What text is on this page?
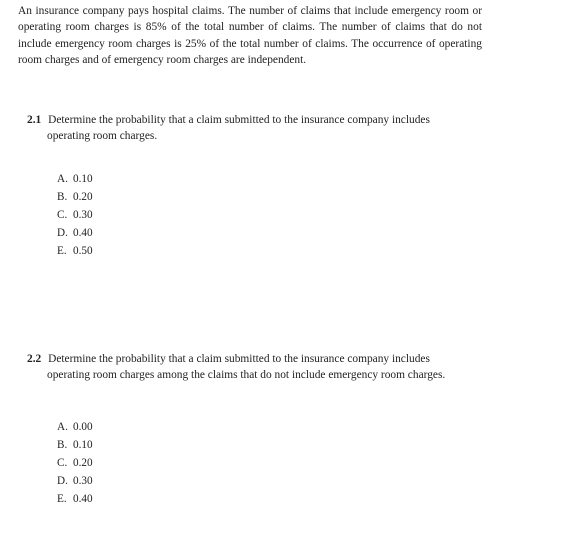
An insurance company pays hospital claims. The number of claims that include emergency room or operating room charges is 85% of the total number of claims. The number of claims that do not include emergency room charges is 25% of the total number of claims. The occurrence of operating room charges and of emergency room charges are independent.
2.1 Determine the probability that a claim submitted to the insurance company includes
operating room charges.
A. 0.10
B. 0.20
C. 0.30
D. 0.40
E. 0.50
2.2 Determine the probability that a claim submitted to the insurance company includes
operating room charges among the claims that do not include emergency room charges.
A. 0.00
B. 0.10
C. 0.20
D. 0.30
E. 0.40
